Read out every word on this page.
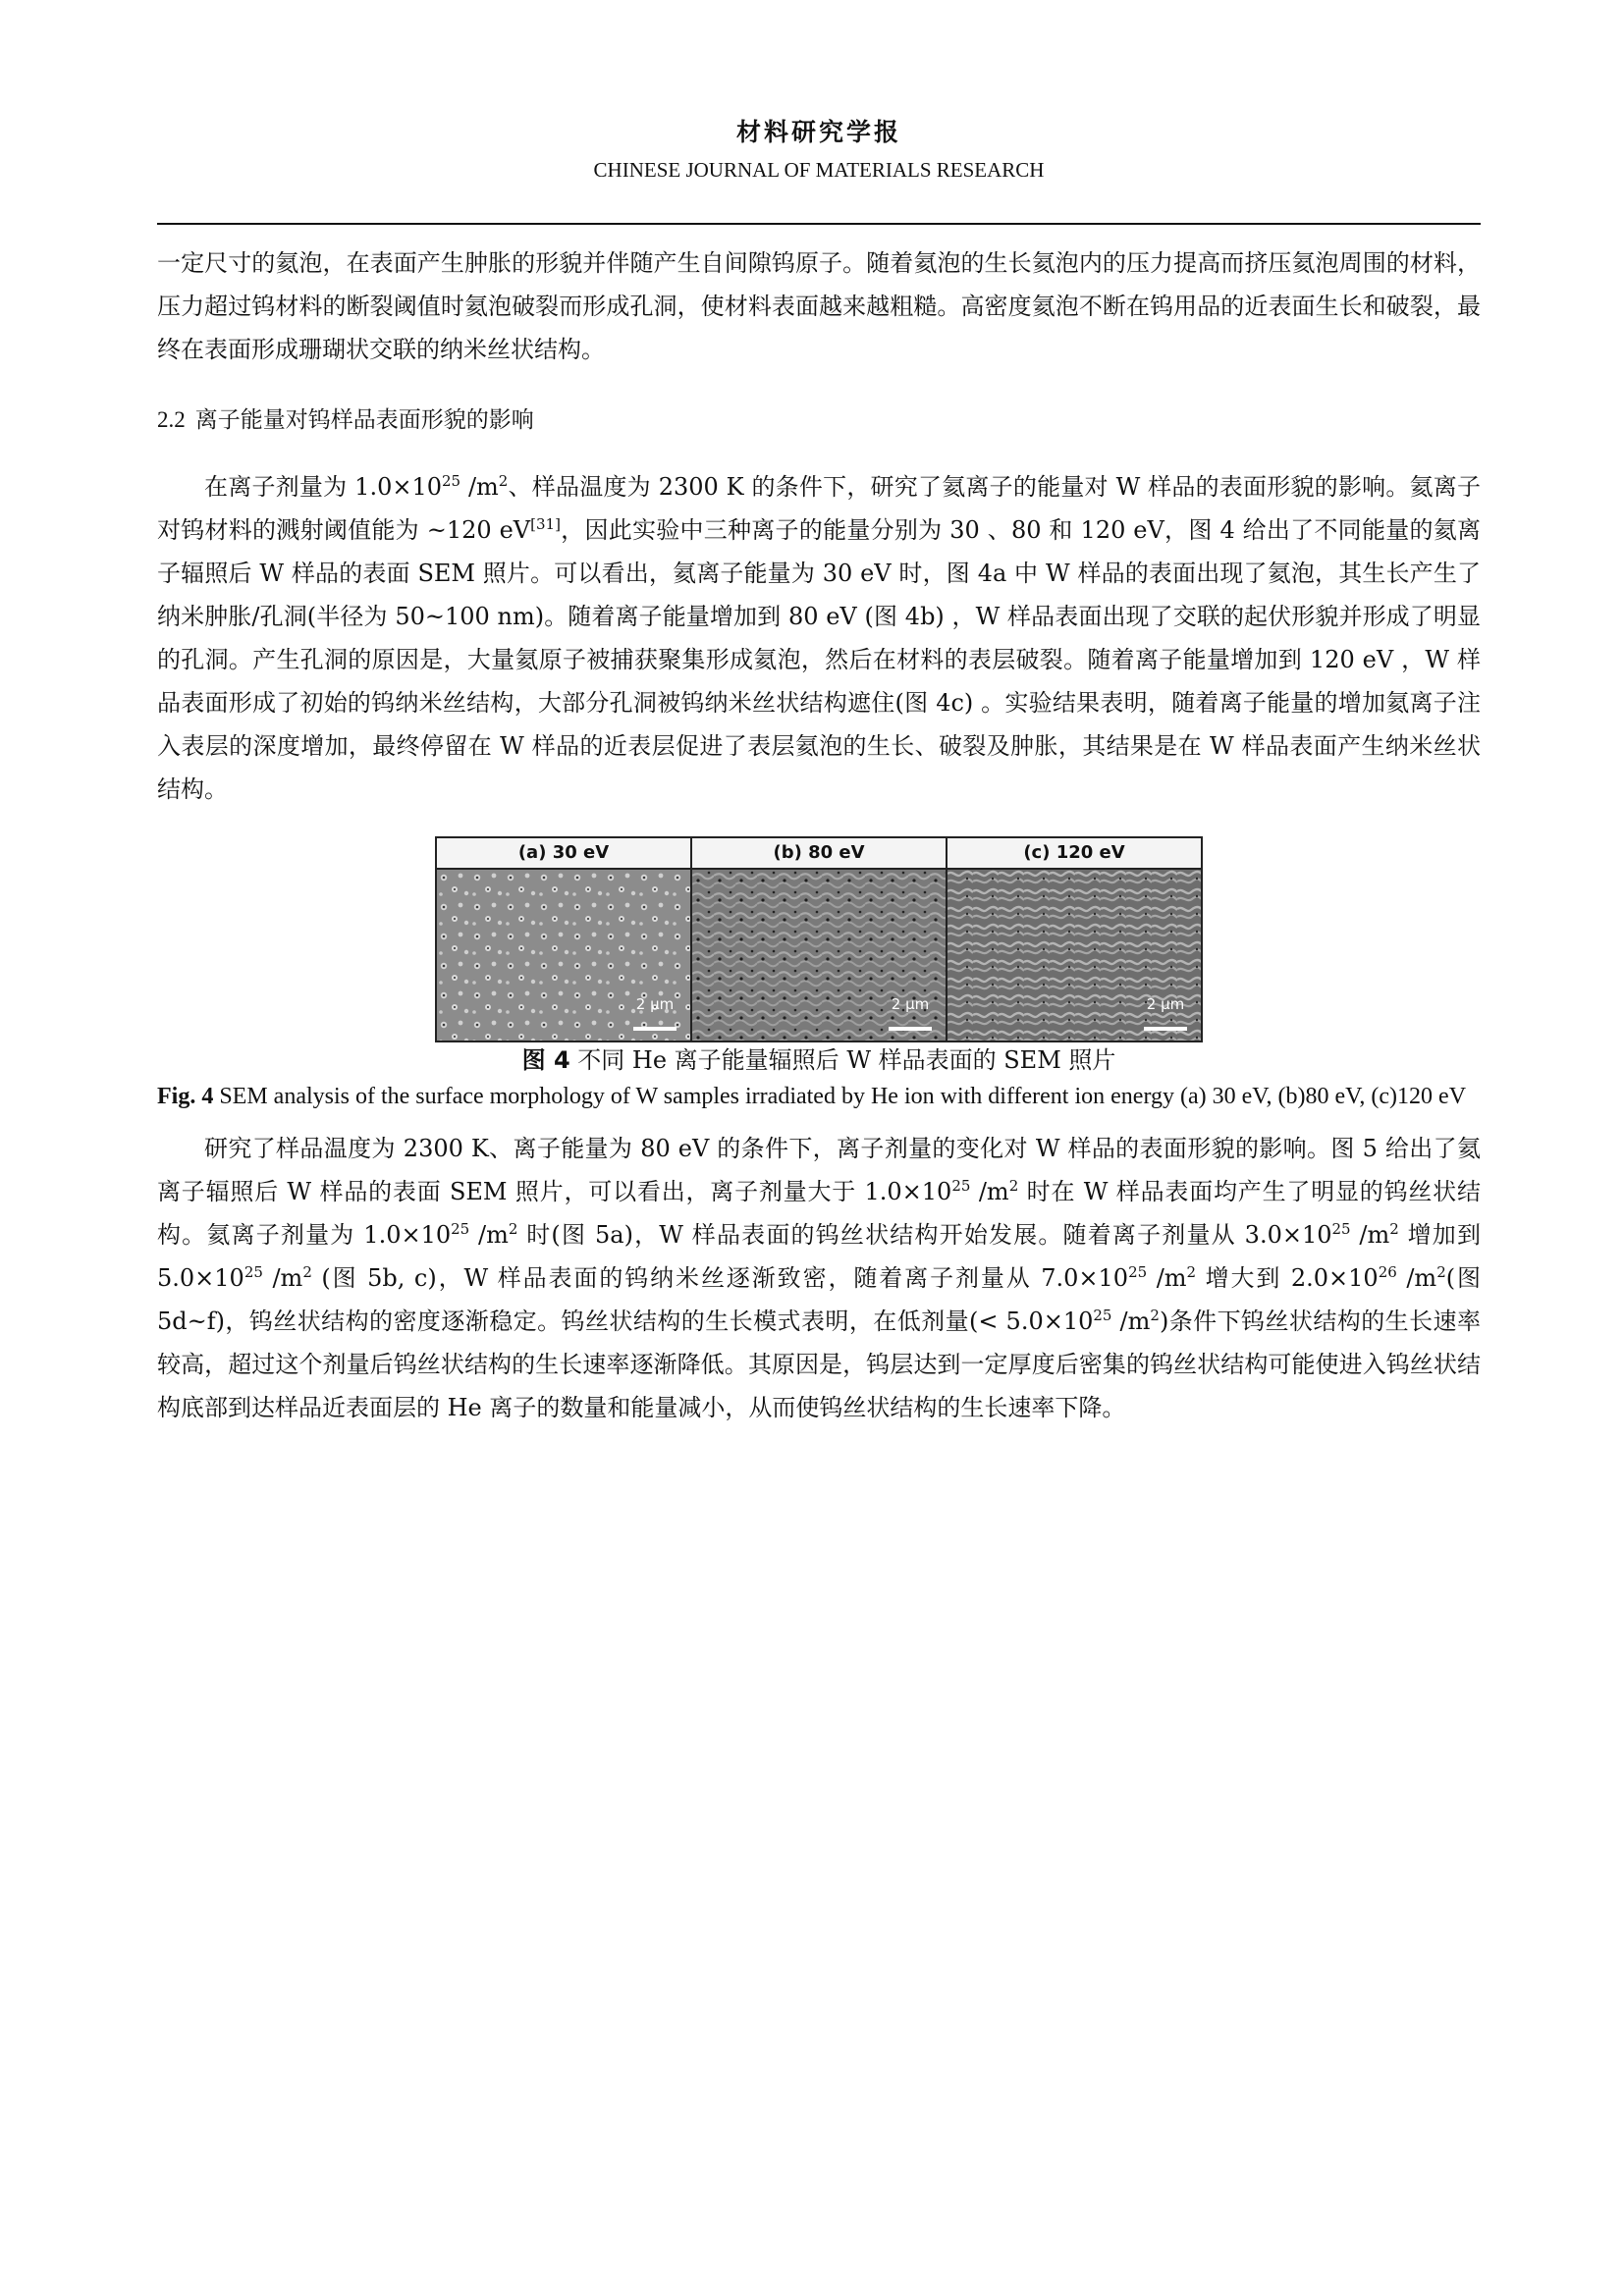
材料研究学报
CHINESE JOURNAL OF MATERIALS RESEARCH

一定尺寸的氦泡，在表面产生肿胀的形貌并伴随产生自间隙钨原子。随着氦泡的生长氦泡内的压力提高而挤压氦泡周围的材料，压力超过钨材料的断裂阈值时氦泡破裂而形成孔洞，使材料表面越来越粗糙。高密度氦泡不断在钨用品的近表面生长和破裂，最终在表面形成珊瑚状交联的纳米丝状结构。

2.2 离子能量对钨样品表面形貌的影响

在离子剂量为 $1.0\times 10^{25}$ $/m^2$、样品温度为 2300 K 的条件下，研究了氦离子的能量对 W 样品的表面形貌的影响。氦离子对钨材料的溅射阈值能为 ~120 eV[31]，因此实验中三种离子的能量分别为 30 、80 和 120 eV，图 4 给出了不同能量的氦离子辐照后 W 样品的表面 SEM 照片。可以看出，氦离子能量为 30 eV 时，图 4a 中 W 样品的表面出现了氦泡，其生长产生了纳米肿胀/孔洞(半径为 50~100 nm)。随着离子能量增加到 80 eV (图 4b) ，W 样品表面出现了交联的起伏形貌并形成了明显的孔洞。产生孔洞的原因是，大量氦原子被捕获聚集形成氦泡，然后在材料的表层破裂。随着离子能量增加到 120 eV ，W 样品表面形成了初始的钨纳米丝结构，大部分孔洞被钨纳米丝状结构遮住(图 4c) 。实验结果表明，随着离子能量的增加氦离子注入表层的深度增加，最终停留在 W 样品的近表层促进了表层氦泡的生长、破裂及肿胀，其结果是在 W 样品表面产生纳米丝状结构。

(a) 30 eV
2 μm
(b) 80 eV
2 μm
(c) 120 eV
2 μm

图 4 不同 He 离子能量辐照后 W 样品表面的 SEM 照片

Fig. 4 SEM analysis of the surface morphology of W samples irradiated by He ion with different ion energy (a) 30 eV, (b)80 eV, (c)120 eV

研究了样品温度为 2300 K、离子能量为 80 eV 的条件下，离子剂量的变化对 W 样品的表面形貌的影响。图 5 给出了氦离子辐照后 W 样品的表面 SEM 照片，可以看出，离子剂量大于 $1.0\times 10^{25}$ $/m^2$ 时在 W 样品表面均产生了明显的钨丝状结构。氦离子剂量为 $1.0\times 10^{25}$ $/m^2$ 时(图 5a)，W 样品表面的钨丝状结构开始发展。随着离子剂量从 $3.0\times 10^{25}$ $/m^2$ 增加到 $5.0\times 10^{25}$ $/m^2$ (图 5b, c)，W 样品表面的钨纳米丝逐渐致密，随着离子剂量从 $7.0\times 10^{25}$ $/m^2$ 增大到 $2.0\times 10^{26}$ $/m^2$(图 5d~f)，钨丝状结构的密度逐渐稳定。钨丝状结构的生长模式表明，在低剂量(< $5.0\times 10^{25}$ $/m^2$)条件下钨丝状结构的生长速率较高，超过这个剂量后钨丝状结构的生长速率逐渐降低。其原因是，钨层达到一定厚度后密集的钨丝状结构可能使进入钨丝状结构底部到达样品近表面层的 He 离子的数量和能量减小，从而使钨丝状结构的生长速率下降。
